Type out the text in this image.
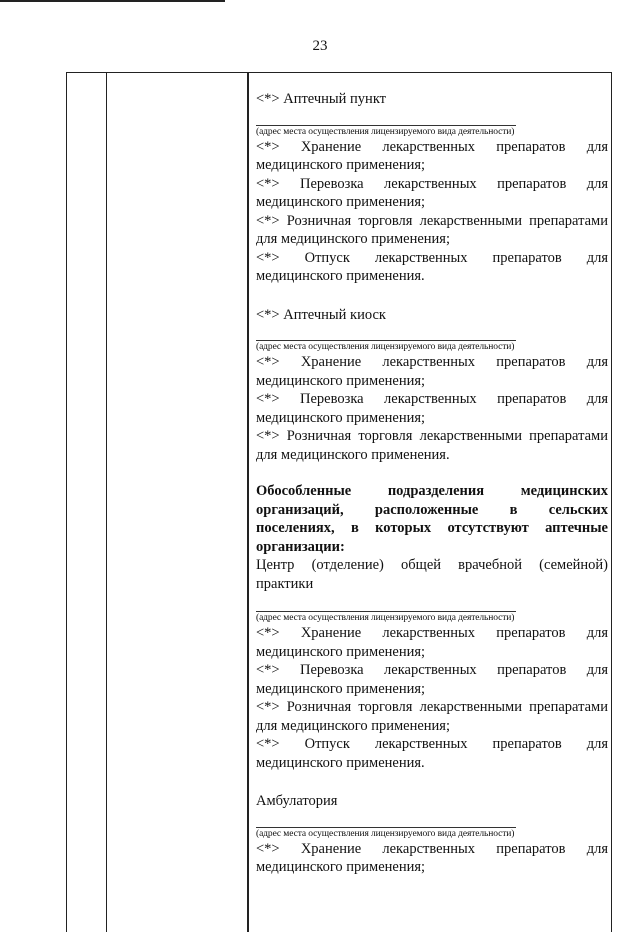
23

<*> Аптечный пункт

(адрес места осуществления лицензируемого вида деятельности)

<*> Хранение лекарственных препаратов для
медицинского применения;

<*> Перевозка лекарственных препаратов для
медицинского применения;

<*> Розничная торговля лекарственными препаратами
для медицинского применения;

<*> Отпуск лекарственных препаратов для
медицинского применения.

<*> Аптечный киоск

(адрес места осуществления лицензируемого вида деятельности)

<*> Хранение лекарственных препаратов для
медицинского применения;

<*> Перевозка лекарственных препаратов для
медицинского применения;

<*> Розничная торговля лекарственными препаратами
для медицинского применения.

Обособленные подразделения медицинских
организаций, расположенные в сельских
поселениях, в которых отсутствуют аптечные
организации:

Центр (отделение) общей врачебной (семейной)
практики

(адрес места осуществления лицензируемого вида деятельности)

<*> Хранение лекарственных препаратов для
медицинского применения;

<*> Перевозка лекарственных препаратов для
медицинского применения;

<*> Розничная торговля лекарственными препаратами
для медицинского применения;

<*> Отпуск лекарственных препаратов для
медицинского применения.

Амбулатория

(адрес места осуществления лицензируемого вида деятельности)

<*> Хранение лекарственных препаратов для
медицинского применения;
